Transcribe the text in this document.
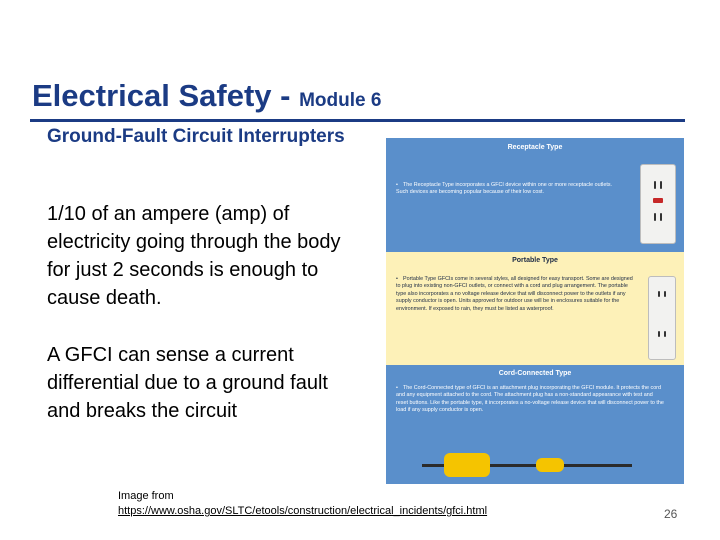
Electrical Safety - Module 6
Ground-Fault Circuit Interrupters
1/10 of an ampere (amp) of electricity going through the body for just 2 seconds is enough to cause death.
A GFCI can sense a current differential due to a ground fault and breaks the circuit
Receptacle Type
• The Receptacle Type incorporates a GFCI device within one or more receptacle outlets. Such devices are becoming popular because of their low cost.
Portable Type
• Portable Type GFCIs come in several styles, all designed for easy transport. Some are designed to plug into existing non-GFCI outlets, or connect with a cord and plug arrangement. The portable type also incorporates a no voltage release device that will disconnect power to the outlets if any supply conductor is open. Units approved for outdoor use will be in enclosures suitable for the environment. If exposed to rain, they must be listed as waterproof.
Cord-Connected Type
• The Cord-Connected type of GFCI is an attachment plug incorporating the GFCI module. It protects the cord and any equipment attached to the cord. The attachment plug has a non-standard appearance with test and reset buttons. Like the portable type, it incorporates a no-voltage release device that will disconnect power to the load if any supply conductor is open.
Image from
https://www.osha.gov/SLTC/etools/construction/electrical_incidents/gfci.html	26
